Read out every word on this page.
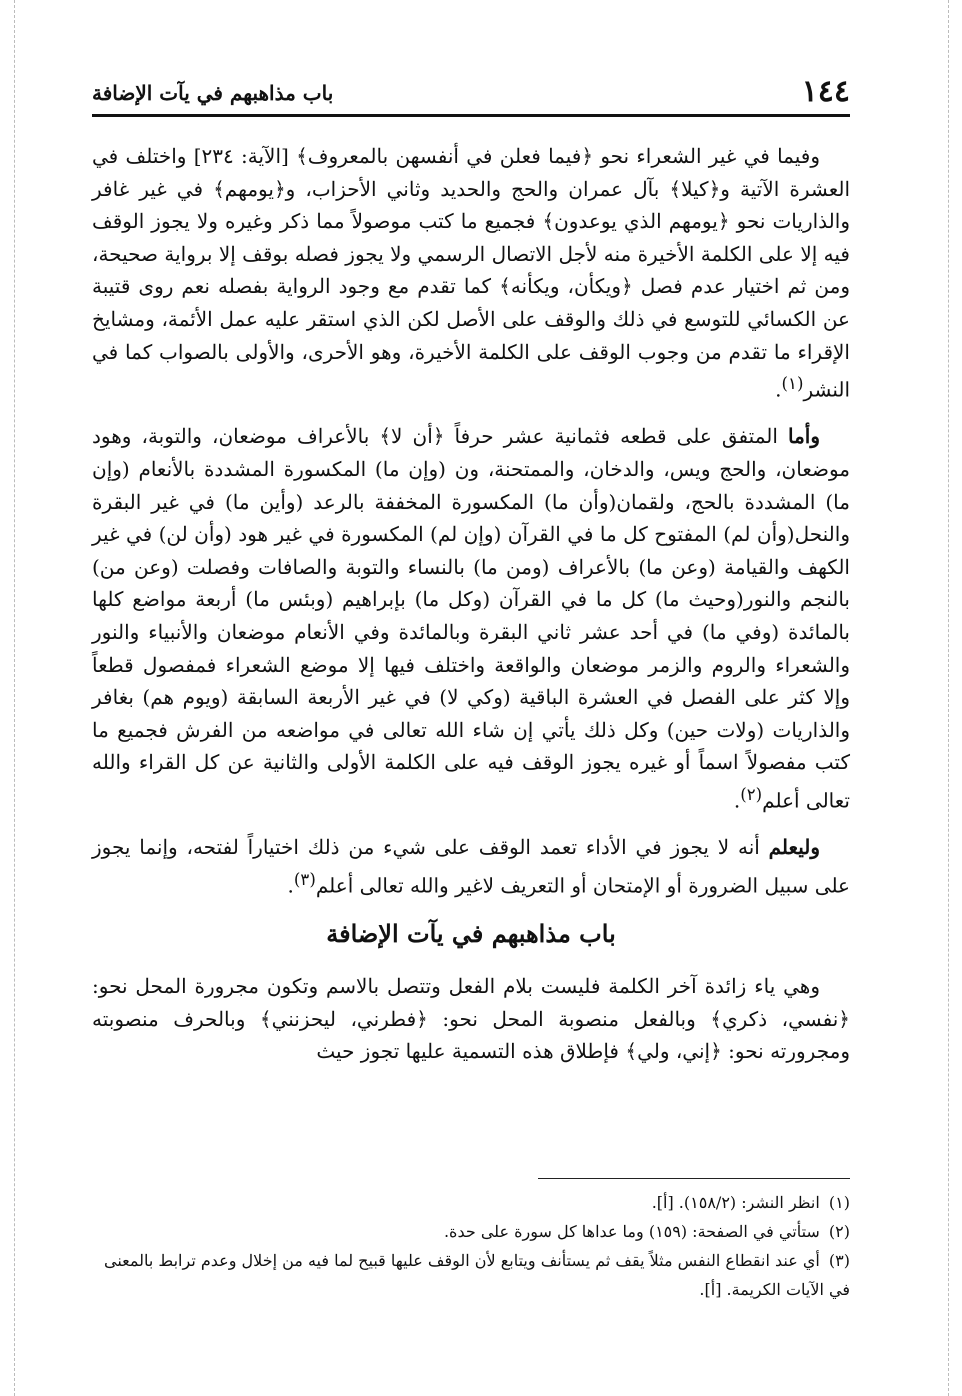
١٤٤
باب مذاهبهم في يآت الإضافة

وفيما في غير الشعراء نحو ﴿فيما فعلن في أنفسهن بالمعروف﴾ [الآية: ٢٣٤] واختلف في العشرة الآتية و﴿كيلا﴾ بآل عمران والحج والحديد وثاني الأحزاب، و﴿يومهم﴾ في غير غافر والذاريات نحو ﴿يومهم الذي يوعدون﴾ فجميع ما كتب موصولاً مما ذكر وغيره ولا يجوز الوقف فيه إلا على الكلمة الأخيرة منه لأجل الاتصال الرسمي ولا يجوز فصله بوقف إلا برواية صحيحة، ومن ثم اختيار عدم فصل ﴿ويكأن، ويكأنه﴾ كما تقدم مع وجود الرواية بفصله نعم روى قتيبة عن الكسائي للتوسع في ذلك والوقف على الأصل لكن الذي استقر عليه عمل الأئمة، ومشايخ الإقراء ما تقدم من وجوب الوقف على الكلمة الأخيرة، وهو الأحرى، والأولى بالصواب كما في النشر$^{(١)}$.

وأما المتفق على قطعه فثمانية عشر حرفاً ﴿أن لا﴾ بالأعراف موضعان، والتوبة، وهود موضعان، والحج ويس، والدخان، والممتحنة، ون (وإن ما) المكسورة المشددة بالأنعام (وإن ما) المشددة بالحج، ولقمان(وأن ما) المكسورة المخففة بالرعد (وأين ما) في غير البقرة والنحل(وأن لم) المفتوح كل ما في القرآن (وإن لم) المكسورة في غير هود (وأن لن) في غير الكهف والقيامة (وعن ما) بالأعراف (ومن ما) بالنساء والتوبة والصافات وفصلت (وعن من) بالنجم والنور(وحيث ما) كل ما في القرآن (وكل ما) بإبراهيم (وبئس ما) أربعة مواضع كلها بالمائدة (وفي ما) في أحد عشر ثاني البقرة وبالمائدة وفي الأنعام موضعان والأنبياء والنور والشعراء والروم والزمر موضعان والواقعة واختلف فيها إلا موضع الشعراء فمفصول قطعاً وإلا كثر على الفصل في العشرة الباقية (وكي لا) في غير الأربعة السابقة (ويوم هم) بغافر والذاريات (ولات حين) وكل ذلك يأتي إن شاء الله تعالى في مواضعه من الفرش فجميع ما كتب مفصولاً اسماً أو غيره يجوز الوقف فيه على الكلمة الأولى والثانية عن كل القراء والله تعالى أعلم$^{(٢)}$.

وليعلم أنه لا يجوز في الأداء تعمد الوقف على شيء من ذلك اختياراً لفتحه، وإنما يجوز على سبيل الضرورة أو الإمتحان أو التعريف لاغير والله تعالى أعلم$^{(٣)}$.

باب مذاهبهم في يآت الإضافة

وهي ياء زائدة آخر الكلمة فليست بلام الفعل وتتصل بالاسم وتكون مجرورة المحل نحو: ﴿نفسي، ذكري﴾ وبالفعل منصوبة المحل نحو: ﴿فطرني، ليحزنني﴾ وبالحرف منصوبته ومجرورته نحو: ﴿إني، ولي﴾ فإطلاق هذه التسمية عليها تجوز حيث

(١) انظر النشر: (١٥٨/٢). [أ].

(٢) ستأتي في الصفحة: (١٥٩) وما عداها كل سورة على حدة.

(٣) أي عند انقطاع النفس مثلاً يقف ثم يستأنف ويتابع لأن الوقف عليها قبيح لما فيه من إخلال وعدم ترابط بالمعنى في الآيات الكريمة. [أ].
